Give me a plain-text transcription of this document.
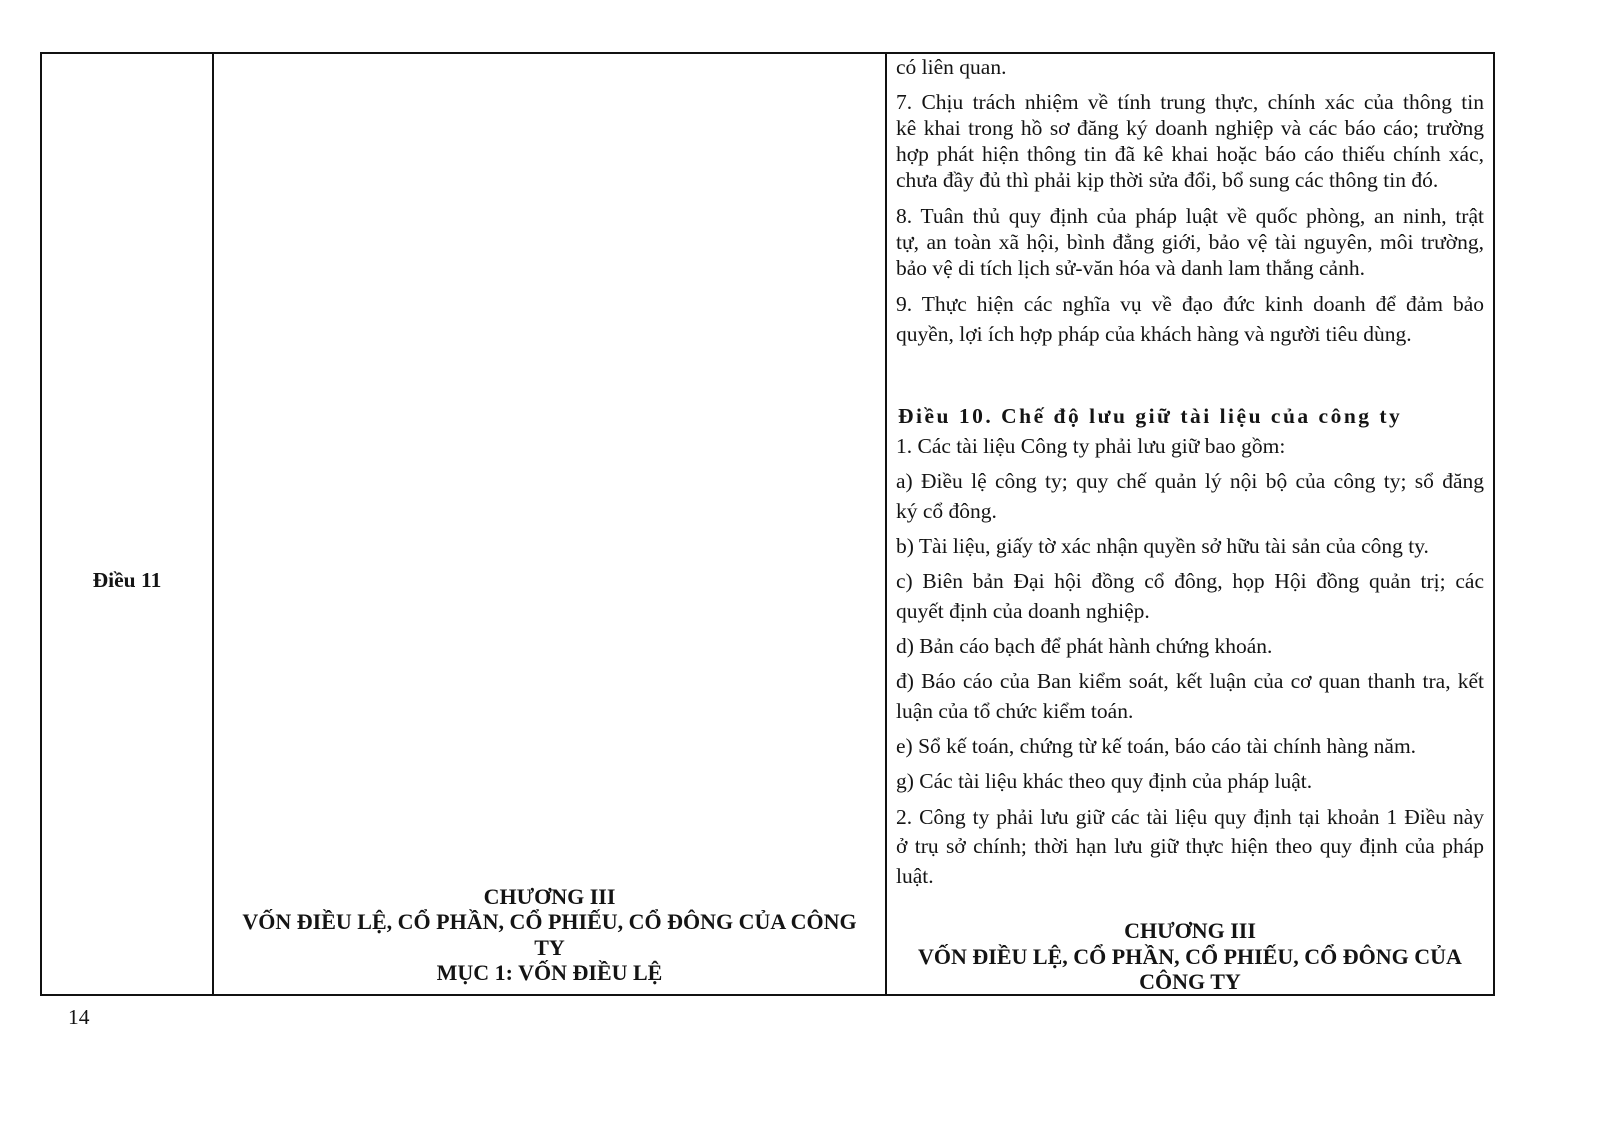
Điều 11
CHƯƠNG III
VỐN ĐIỀU LỆ, CỔ PHẦN, CỔ PHIẾU, CỔ ĐÔNG CỦA CÔNG
TY
MỤC 1: VỐN ĐIỀU LỆ
có liên quan.
7. Chịu trách nhiệm về tính trung thực, chính xác của thông tin
kê khai trong hồ sơ đăng ký doanh nghiệp và các báo cáo; trường
hợp phát hiện thông tin đã kê khai hoặc báo cáo thiếu chính xác,
chưa đầy đủ thì phải kịp thời sửa đổi, bổ sung các thông tin đó.
8. Tuân thủ quy định của pháp luật về quốc phòng, an ninh, trật
tự, an toàn xã hội, bình đẳng giới, bảo vệ tài nguyên, môi trường,
bảo vệ di tích lịch sử-văn hóa và danh lam thắng cảnh.
9. Thực hiện các nghĩa vụ về đạo đức kinh doanh để đảm bảo
quyền, lợi ích hợp pháp của khách hàng và người tiêu dùng.
Điều 10. Chế độ lưu giữ tài liệu của công ty
1. Các tài liệu Công ty phải lưu giữ bao gồm:
a) Điều lệ công ty; quy chế quản lý nội bộ của công ty; sổ đăng
ký cổ đông.
b) Tài liệu, giấy tờ xác nhận quyền sở hữu tài sản của công ty.
c) Biên bản Đại hội đồng cổ đông, họp Hội đồng quản trị; các
quyết định của doanh nghiệp.
d) Bản cáo bạch để phát hành chứng khoán.
đ) Báo cáo của Ban kiểm soát, kết luận của cơ quan thanh tra, kết
luận của tổ chức kiểm toán.
e) Sổ kế toán, chứng từ kế toán, báo cáo tài chính hàng năm.
g) Các tài liệu khác theo quy định của pháp luật.
2. Công ty phải lưu giữ các tài liệu quy định tại khoản 1 Điều này
ở trụ sở chính; thời hạn lưu giữ thực hiện theo quy định của pháp
luật.
CHƯƠNG III
VỐN ĐIỀU LỆ, CỔ PHẦN, CỔ PHIẾU, CỔ ĐÔNG CỦA
CÔNG TY
14
